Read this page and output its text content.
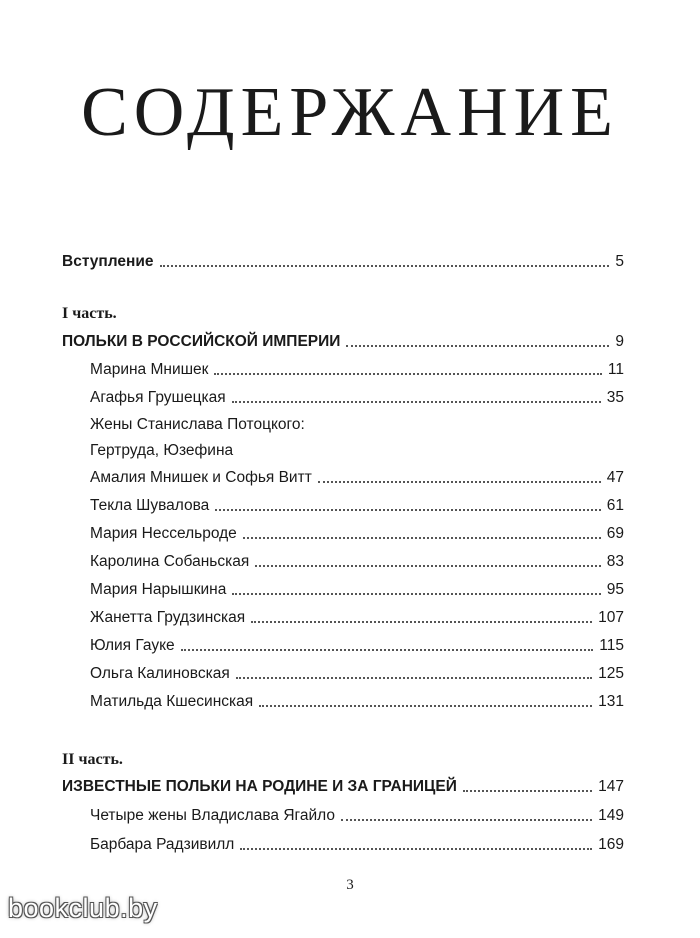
СОДЕРЖАНИЕ
Вступление	5
I часть.
ПОЛЬКИ В РОССИЙСКОЙ ИМПЕРИИ	9
Марина Мнишек	11
Агафья Грушецкая	35
Жены Станислава Потоцкого:
Гертруда, Юзефина
Амалия Мнишек и Софья Витт	47
Текла Шувалова	61
Мария Нессельроде	69
Каролина Собаньская	83
Мария Нарышкина	95
Жанетта Грудзинская	107
Юлия Гауке	115
Ольга Калиновская	125
Матильда Кшесинская	131
II часть.
ИЗВЕСТНЫЕ ПОЛЬКИ НА РОДИНЕ И ЗА ГРАНИЦЕЙ	147
Четыре жены Владислава Ягайло	149
Барбара Радзивилл	169
3
bookclub.by
